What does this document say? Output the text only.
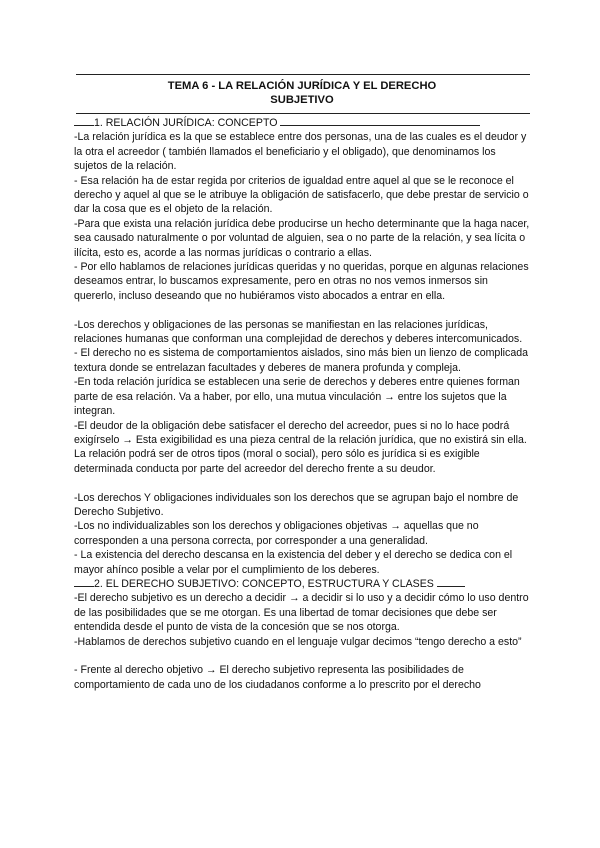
TEMA 6 - LA RELACIÓN JURÍDICA Y EL DERECHO
SUBJETIVO

1. RELACIÓN JURÍDICA: CONCEPTO

-La relación jurídica es la que se establece entre dos personas, una de las cuales es el deudor y la otra el acreedor ( también llamados el beneficiario y el obligado), que denominamos los sujetos de la relación.

- Esa relación ha de estar regida por criterios de igualdad entre aquel al que se le reconoce el derecho y aquel al que se le atribuye la obligación de satisfacerlo, que debe prestar de servicio o dar la cosa que es el objeto de la relación.

-Para que exista una relación jurídica debe producirse un hecho determinante que la haga nacer, sea causado naturalmente o por voluntad de alguien, sea o no parte de la relación, y sea lícita o ilícita, esto es, acorde a las normas jurídicas o contrario a ellas.

- Por ello hablamos de relaciones jurídicas queridas y no queridas, porque en algunas relaciones deseamos entrar, lo buscamos expresamente, pero en otras no nos vemos inmersos sin quererlo, incluso deseando que no hubiéramos visto abocados a entrar en ella.

-Los derechos y obligaciones de las personas se manifiestan en las relaciones jurídicas, relaciones humanas que conforman una complejidad de derechos y deberes intercomunicados.

- El derecho no es sistema de comportamientos aislados, sino más bien un lienzo de complicada textura donde se entrelazan facultades y deberes de manera profunda y compleja.

-En toda relación jurídica se establecen una serie de derechos y deberes entre quienes forman parte de esa relación. Va a haber, por ello, una mutua vinculación → entre los sujetos que la integran.

-El deudor de la obligación debe satisfacer el derecho del acreedor, pues si no lo hace podrá exigírselo → Esta exigibilidad es una pieza central de la relación jurídica, que no existirá sin ella. La relación podrá ser de otros tipos (moral o social), pero sólo es jurídica si es exigible determinada conducta por parte del acreedor del derecho frente a su deudor.

-Los derechos Y obligaciones individuales son los derechos que se agrupan bajo el nombre de Derecho Subjetivo.

-Los no individualizables son los derechos y obligaciones objetivas → aquellas que no corresponden a una persona correcta, por corresponder a una generalidad.

- La existencia del derecho descansa en la existencia del deber y el derecho se dedica con el mayor ahínco posible a velar por el cumplimiento de los deberes.

2. EL DERECHO SUBJETIVO: CONCEPTO, ESTRUCTURA Y CLASES

-El derecho subjetivo es un derecho a decidir → a decidir si lo uso y a decidir cómo lo uso dentro de las posibilidades que se me otorgan. Es una libertad de tomar decisiones que debe ser entendida desde el punto de vista de la concesión que se nos otorga.

-Hablamos de derechos subjetivo cuando en el lenguaje vulgar decimos “tengo derecho a esto”

- Frente al derecho objetivo → El derecho subjetivo representa las posibilidades de comportamiento de cada uno de los ciudadanos conforme a lo prescrito por el derecho
